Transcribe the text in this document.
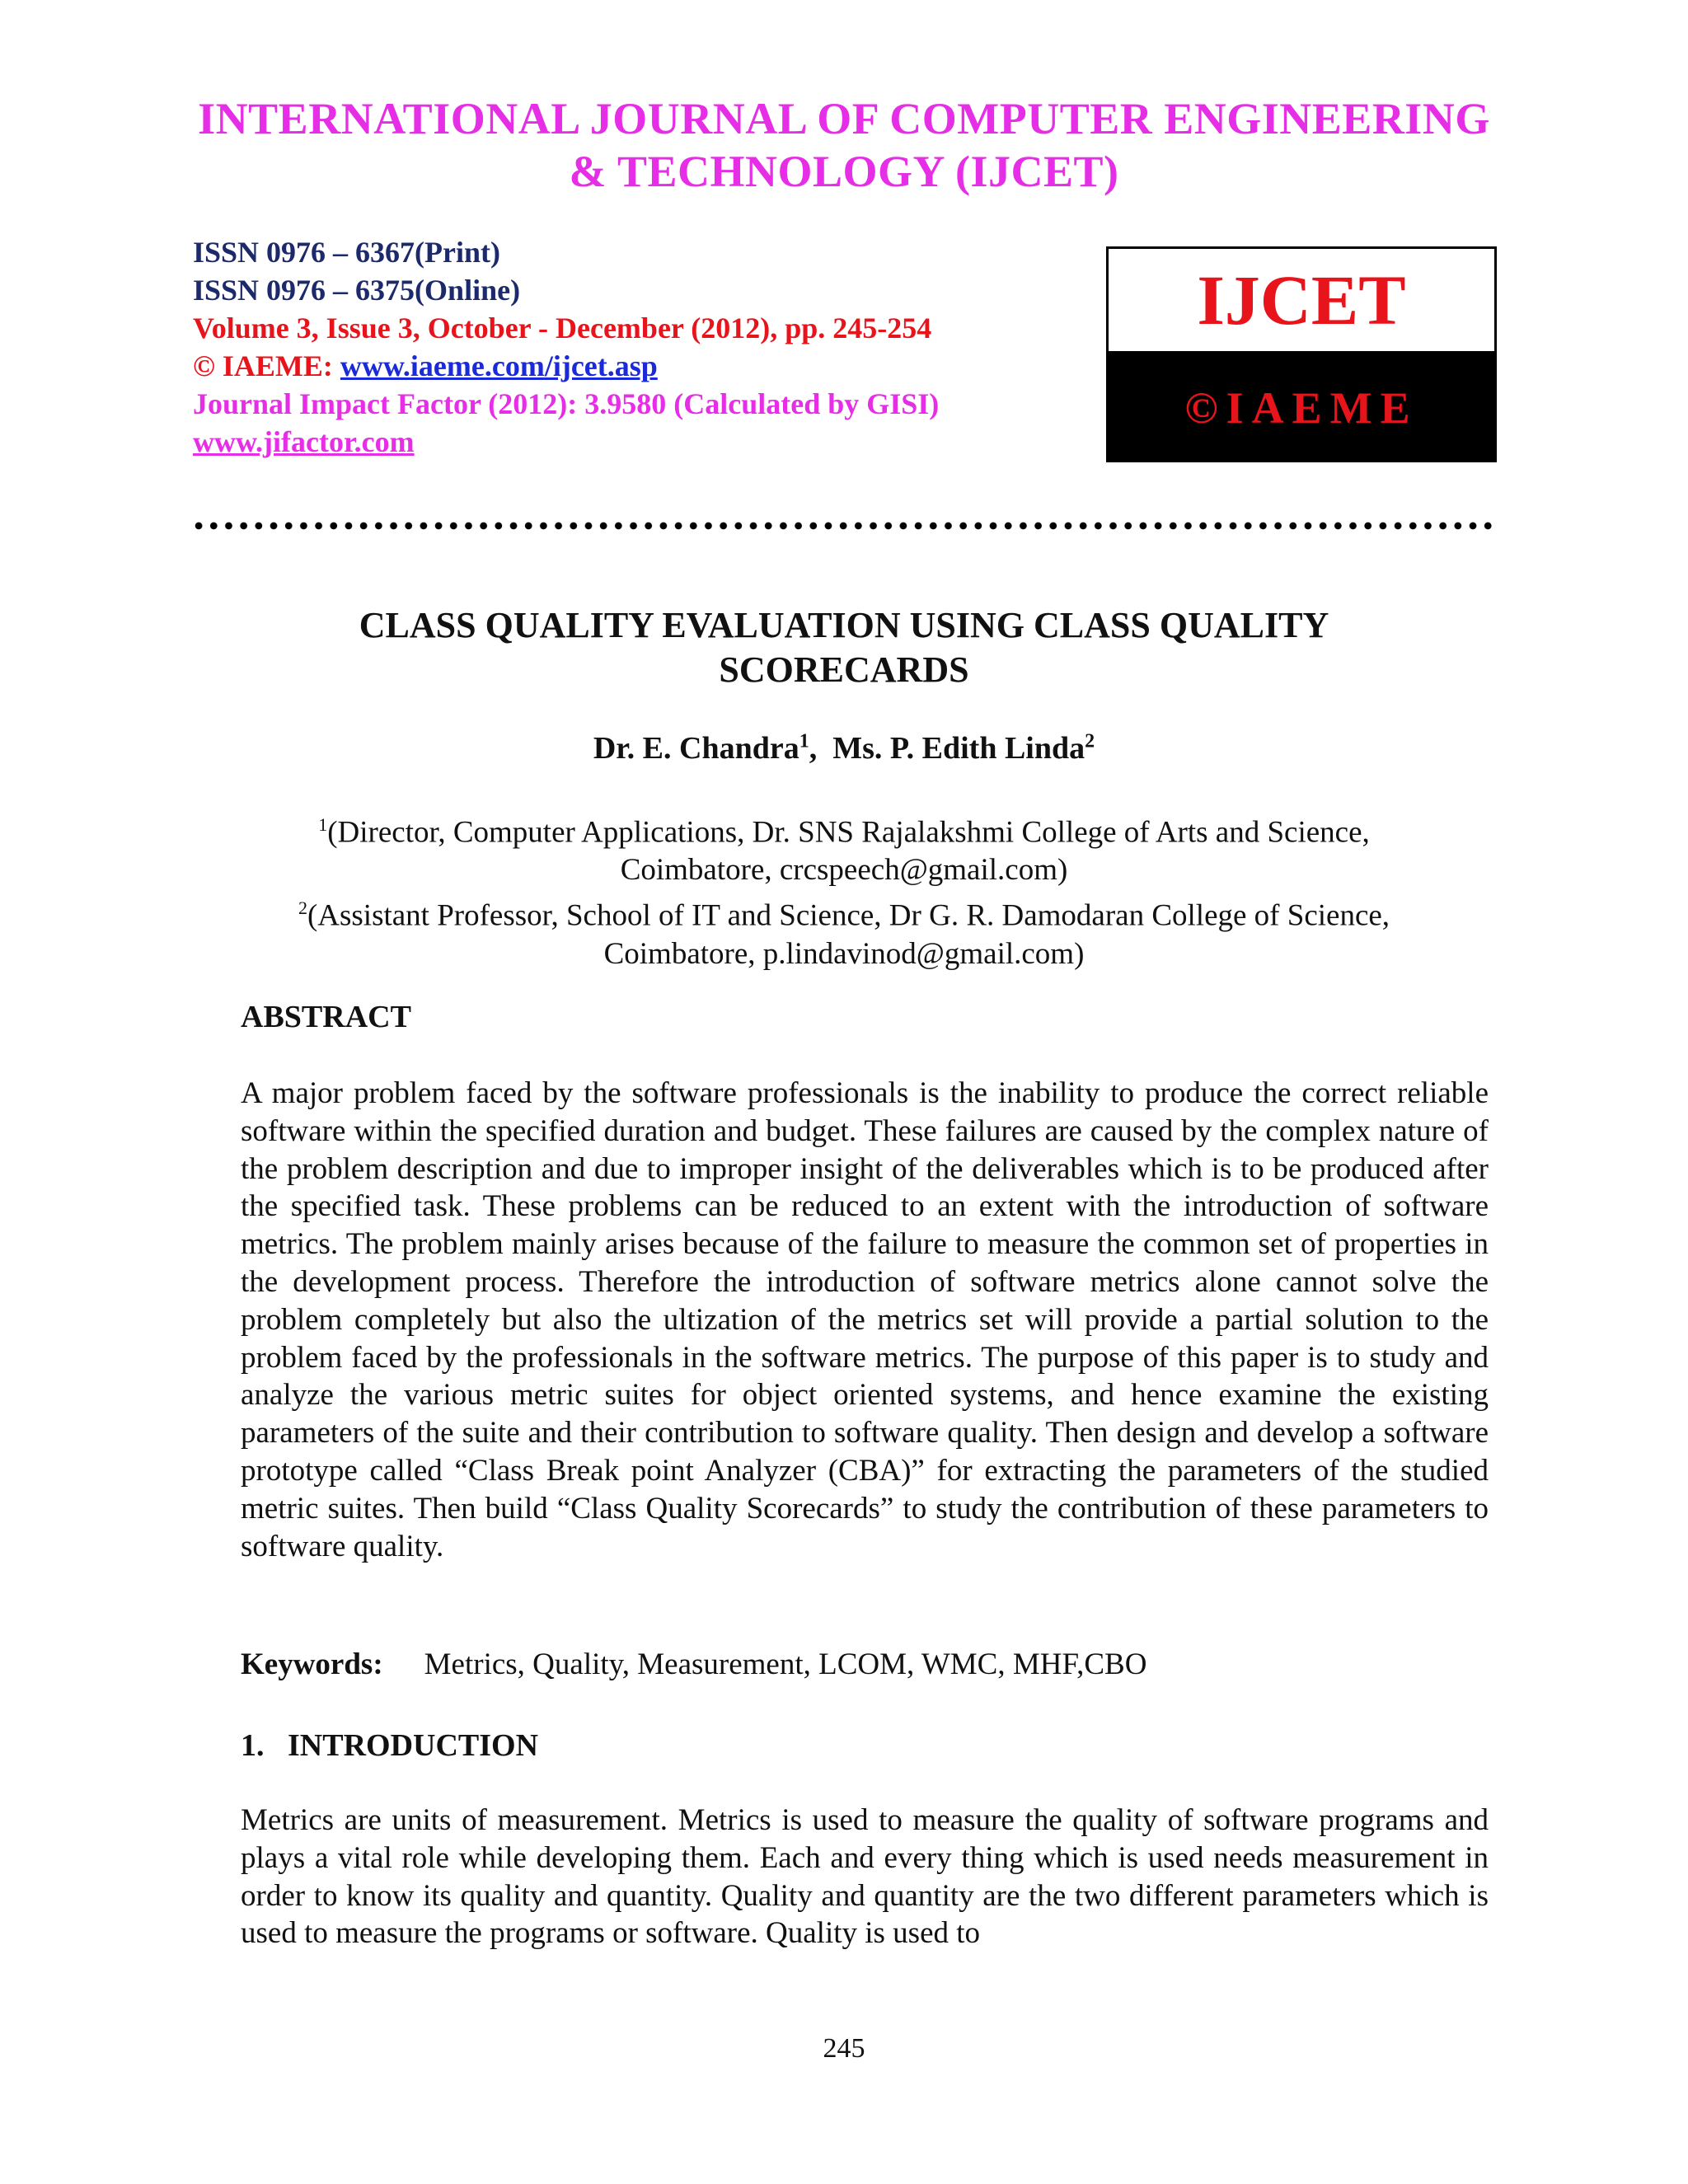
INTERNATIONAL JOURNAL OF COMPUTER ENGINEERING
& TECHNOLOGY (IJCET)
ISSN 0976 – 6367(Print)
ISSN 0976 – 6375(Online)
Volume 3, Issue 3, October - December (2012), pp. 245-254
© IAEME: www.iaeme.com/ijcet.asp
Journal Impact Factor (2012): 3.9580 (Calculated by GISI)
www.jifactor.com
IJCET
©IAEME
CLASS QUALITY EVALUATION USING CLASS QUALITY
SCORECARDS
Dr. E. Chandra$^1$,  Ms. P. Edith Linda$^2$
$^1$(Director, Computer Applications, Dr. SNS Rajalakshmi College of Arts and Science,
Coimbatore, crcspeech@gmail.com)
$^2$(Assistant Professor, School of IT and Science, Dr G. R. Damodaran College of Science,
Coimbatore, p.lindavinod@gmail.com)
ABSTRACT
A major problem faced by the software professionals is the inability to produce the correct reliable software within the specified duration and budget. These failures are caused by the complex nature of the problem description and due to improper insight of the deliverables which is to be produced after the specified task. These problems can be reduced to an extent with the introduction of software metrics. The problem mainly arises because of the failure to measure the common set of properties in the development process. Therefore the introduction of software metrics alone cannot solve the problem completely but also the ultization of the metrics set will provide a partial solution to the problem faced by the professionals in the software metrics. The purpose of this paper is to study and analyze the various metric suites for object oriented systems, and hence examine the existing parameters of the suite and their contribution to software quality. Then design and develop a software prototype called “Class Break point Analyzer (CBA)” for extracting the parameters of the studied metric suites. Then build “Class Quality Scorecards” to study the contribution of these parameters to software quality.
Keywords: Metrics, Quality, Measurement, LCOM, WMC, MHF,CBO
1.   INTRODUCTION
Metrics are units of measurement. Metrics is used to measure the quality of software programs and plays a vital role while developing them. Each and every thing which is used needs measurement in order to know its quality and quantity. Quality and quantity are the two different parameters which is used to measure the programs or software. Quality is used to
245
